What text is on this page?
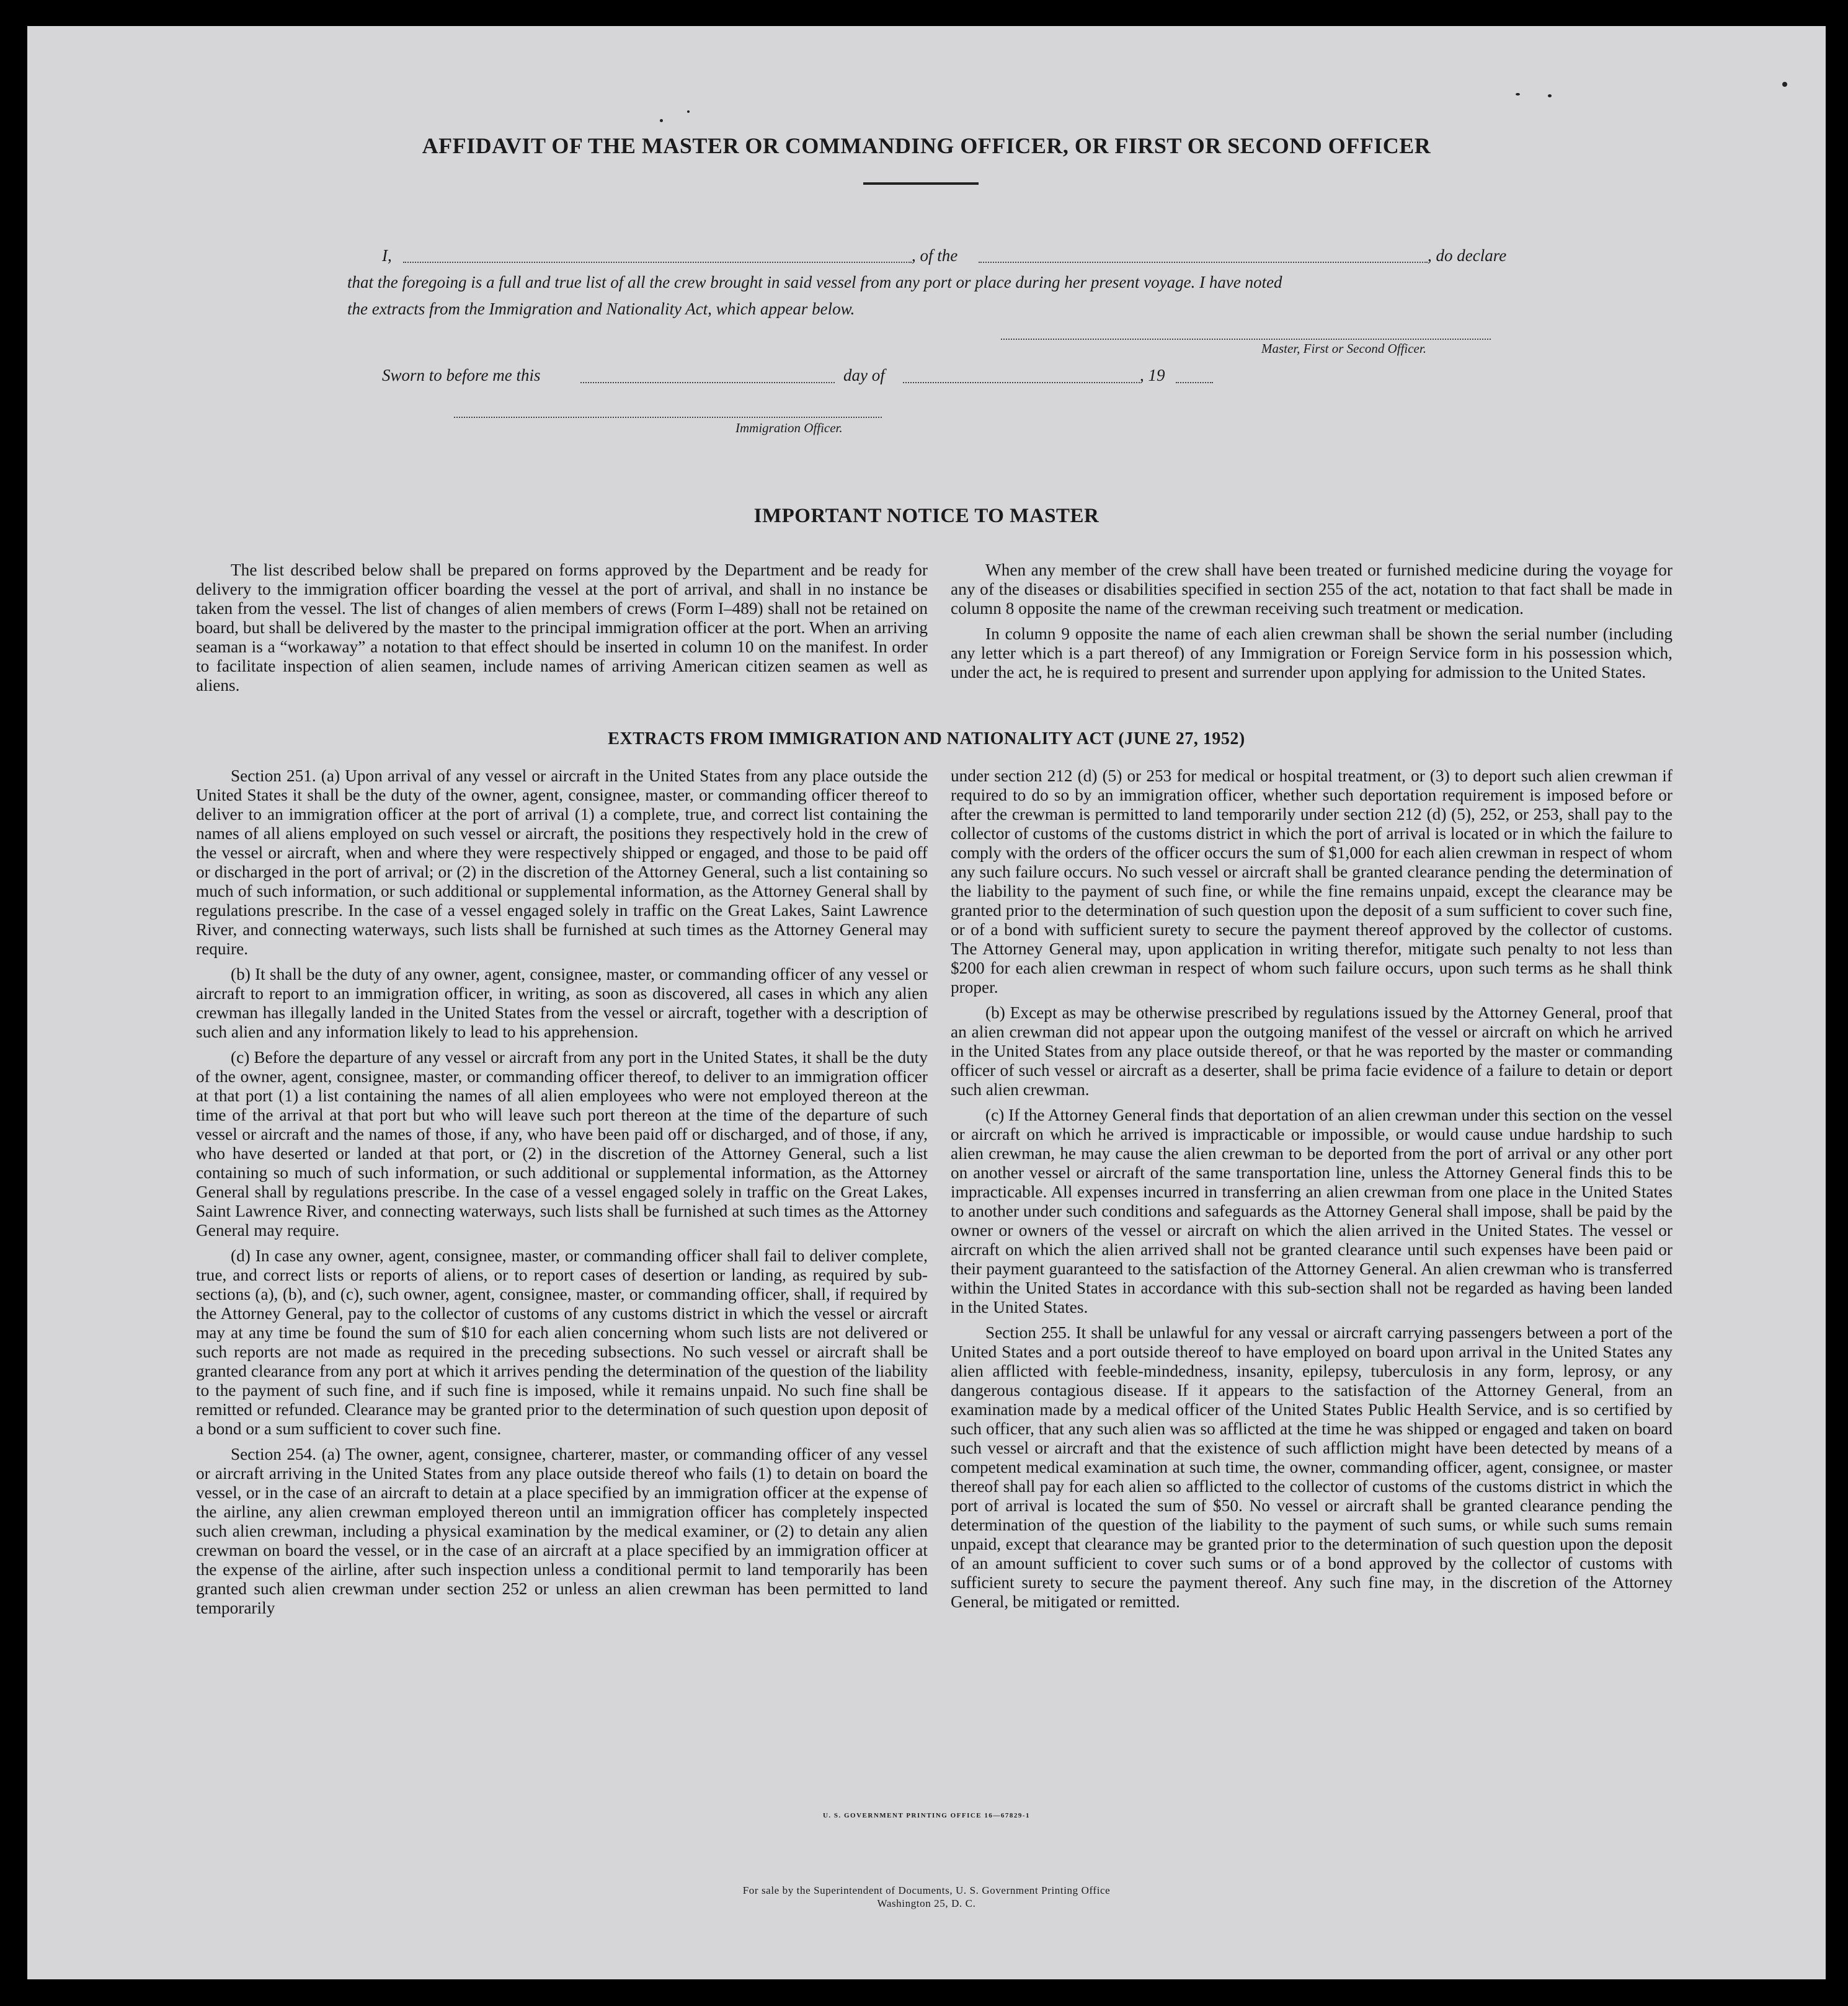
AFFIDAVIT OF THE MASTER OR COMMANDING OFFICER, OR FIRST OR SECOND OFFICER
I,	, of the	, do declare
that the foregoing is a full and true list of all the crew brought in said vessel from any port or place during her present voyage. I have noted
the extracts from the Immigration and Nationality Act, which appear below.
Master, First or Second Officer.
Sworn to before me this	day of	, 19
Immigration Officer.
IMPORTANT NOTICE TO MASTER

The list described below shall be prepared on forms approved by the Department and be ready for delivery to the immigration officer boarding the vessel at the port of arrival, and shall in no instance be taken from the vessel. The list of changes of alien members of crews (Form I–489) shall not be retained on board, but shall be delivered by the master to the principal immigration officer at the port. When an arriving seaman is a “workaway” a notation to that effect should be inserted in column 10 on the manifest. In order to facilitate inspection of alien seamen, include names of arriving American citizen seamen as well as aliens.

When any member of the crew shall have been treated or furnished medicine during the voyage for any of the diseases or disabilities specified in section 255 of the act, notation to that fact shall be made in column 8 opposite the name of the crewman receiving such treatment or medication.

In column 9 opposite the name of each alien crewman shall be shown the serial number (including any letter which is a part thereof) of any Immigration or Foreign Service form in his possession which, under the act, he is required to present and surrender upon applying for admission to the United States.

EXTRACTS FROM IMMIGRATION AND NATIONALITY ACT (JUNE 27, 1952)

Section 251. (a) Upon arrival of any vessel or aircraft in the United States from any place outside the United States it shall be the duty of the owner, agent, consignee, master, or commanding officer thereof to deliver to an immigration officer at the port of arrival (1) a complete, true, and correct list containing the names of all aliens employed on such vessel or aircraft, the positions they respectively hold in the crew of the vessel or aircraft, when and where they were respectively shipped or engaged, and those to be paid off or discharged in the port of arrival; or (2) in the discretion of the Attorney General, such a list containing so much of such information, or such additional or supplemental information, as the Attorney General shall by regulations prescribe. In the case of a vessel engaged solely in traffic on the Great Lakes, Saint Lawrence River, and connecting waterways, such lists shall be furnished at such times as the Attorney General may require.

(b) It shall be the duty of any owner, agent, consignee, master, or commanding officer of any vessel or aircraft to report to an immigration officer, in writing, as soon as discovered, all cases in which any alien crewman has illegally landed in the United States from the vessel or aircraft, together with a description of such alien and any information likely to lead to his apprehension.

(c) Before the departure of any vessel or aircraft from any port in the United States, it shall be the duty of the owner, agent, consignee, master, or commanding officer thereof, to deliver to an immigration officer at that port (1) a list containing the names of all alien employees who were not employed thereon at the time of the arrival at that port but who will leave such port thereon at the time of the departure of such vessel or aircraft and the names of those, if any, who have been paid off or discharged, and of those, if any, who have deserted or landed at that port, or (2) in the discretion of the Attorney General, such a list containing so much of such information, or such additional or supplemental information, as the Attorney General shall by regulations prescribe. In the case of a vessel engaged solely in traffic on the Great Lakes, Saint Lawrence River, and connecting waterways, such lists shall be furnished at such times as the Attorney General may require.

(d) In case any owner, agent, consignee, master, or commanding officer shall fail to deliver complete, true, and correct lists or reports of aliens, or to report cases of desertion or landing, as required by sub-sections (a), (b), and (c), such owner, agent, consignee, master, or commanding officer, shall, if required by the Attorney General, pay to the collector of customs of any customs district in which the vessel or aircraft may at any time be found the sum of $10 for each alien concerning whom such lists are not delivered or such reports are not made as required in the preceding subsections. No such vessel or aircraft shall be granted clearance from any port at which it arrives pending the determination of the question of the liability to the payment of such fine, and if such fine is imposed, while it remains unpaid. No such fine shall be remitted or refunded. Clearance may be granted prior to the determination of such question upon deposit of a bond or a sum sufficient to cover such fine.

Section 254. (a) The owner, agent, consignee, charterer, master, or commanding officer of any vessel or aircraft arriving in the United States from any place outside thereof who fails (1) to detain on board the vessel, or in the case of an aircraft to detain at a place specified by an immigration officer at the expense of the airline, any alien crewman employed thereon until an immigration officer has completely inspected such alien crewman, including a physical examination by the medical examiner, or (2) to detain any alien crewman on board the vessel, or in the case of an aircraft at a place specified by an immigration officer at the expense of the airline, after such inspection unless a conditional permit to land temporarily has been granted such alien crewman under section 252 or unless an alien crewman has been permitted to land temporarily

under section 212 (d) (5) or 253 for medical or hospital treatment, or (3) to deport such alien crewman if required to do so by an immigration officer, whether such deportation requirement is imposed before or after the crewman is permitted to land temporarily under section 212 (d) (5), 252, or 253, shall pay to the collector of customs of the customs district in which the port of arrival is located or in which the failure to comply with the orders of the officer occurs the sum of $1,000 for each alien crewman in respect of whom any such failure occurs. No such vessel or aircraft shall be granted clearance pending the determination of the liability to the payment of such fine, or while the fine remains unpaid, except the clearance may be granted prior to the determination of such question upon the deposit of a sum sufficient to cover such fine, or of a bond with sufficient surety to secure the payment thereof approved by the collector of customs. The Attorney General may, upon application in writing therefor, mitigate such penalty to not less than $200 for each alien crewman in respect of whom such failure occurs, upon such terms as he shall think proper.

(b) Except as may be otherwise prescribed by regulations issued by the Attorney General, proof that an alien crewman did not appear upon the outgoing manifest of the vessel or aircraft on which he arrived in the United States from any place outside thereof, or that he was reported by the master or commanding officer of such vessel or aircraft as a deserter, shall be prima facie evidence of a failure to detain or deport such alien crewman.

(c) If the Attorney General finds that deportation of an alien crewman under this section on the vessel or aircraft on which he arrived is impracticable or impossible, or would cause undue hardship to such alien crewman, he may cause the alien crewman to be deported from the port of arrival or any other port on another vessel or aircraft of the same transportation line, unless the Attorney General finds this to be impracticable. All expenses incurred in transferring an alien crewman from one place in the United States to another under such conditions and safeguards as the Attorney General shall impose, shall be paid by the owner or owners of the vessel or aircraft on which the alien arrived in the United States. The vessel or aircraft on which the alien arrived shall not be granted clearance until such expenses have been paid or their payment guaranteed to the satisfaction of the Attorney General. An alien crewman who is transferred within the United States in accordance with this sub-section shall not be regarded as having been landed in the United States.

Section 255. It shall be unlawful for any vessal or aircraft carrying passengers between a port of the United States and a port outside thereof to have employed on board upon arrival in the United States any alien afflicted with feeble-mindedness, insanity, epilepsy, tuberculosis in any form, leprosy, or any dangerous contagious disease. If it appears to the satisfaction of the Attorney General, from an examination made by a medical officer of the United States Public Health Service, and is so certified by such officer, that any such alien was so afflicted at the time he was shipped or engaged and taken on board such vessel or aircraft and that the existence of such affliction might have been detected by means of a competent medical examination at such time, the owner, commanding officer, agent, consignee, or master thereof shall pay for each alien so afflicted to the collector of customs of the customs district in which the port of arrival is located the sum of $50. No vessel or aircraft shall be granted clearance pending the determination of the question of the liability to the payment of such sums, or while such sums remain unpaid, except that clearance may be granted prior to the determination of such question upon the deposit of an amount sufficient to cover such sums or of a bond approved by the collector of customs with sufficient surety to secure the payment thereof. Any such fine may, in the discretion of the Attorney General, be mitigated or remitted.

U. S. GOVERNMENT PRINTING OFFICE 16—67829-1
For sale by the Superintendent of Documents, U. S. Government Printing Office
Washington 25, D. C.
